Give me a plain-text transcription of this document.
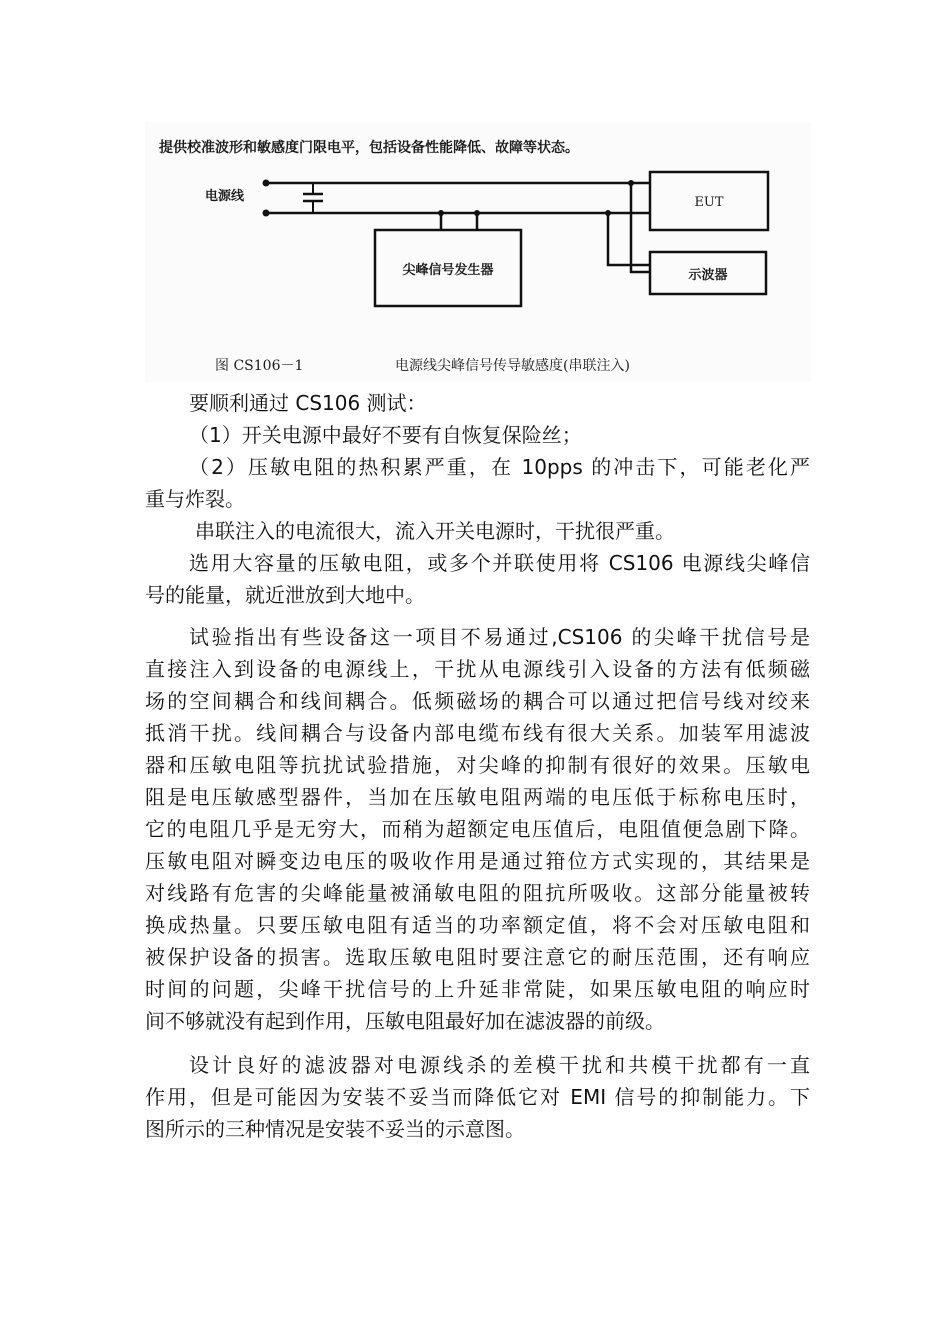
提供校准波形和敏感度门限电平，包括设备性能降低、故障等状态。
电源线	EUT
尖峰信号发生器	示波器
图 CS106－1	电源线尖峰信号传导敏感度(串联注入)
要顺利通过 CS106 测试：
（1）开关电源中最好不要有自恢复保险丝；
（2）压敏电阻的热积累严重，在 10pps 的冲击下，可能老化严
重与炸裂。
串联注入的电流很大，流入开关电源时，干扰很严重。
选用大容量的压敏电阻，或多个并联使用将 CS106 电源线尖峰信
号的能量，就近泄放到大地中。
试验指出有些设备这一项目不易通过,CS106 的尖峰干扰信号是
直接注入到设备的电源线上，干扰从电源线引入设备的方法有低频磁
场的空间耦合和线间耦合。低频磁场的耦合可以通过把信号线对绞来
抵消干扰。线间耦合与设备内部电缆布线有很大关系。加装军用滤波
器和压敏电阻等抗扰试验措施，对尖峰的抑制有很好的效果。压敏电
阻是电压敏感型器件，当加在压敏电阻两端的电压低于标称电压时，
它的电阻几乎是无穷大，而稍为超额定电压值后，电阻值便急剧下降。
压敏电阻对瞬变边电压的吸收作用是通过箝位方式实现的，其结果是
对线路有危害的尖峰能量被涌敏电阻的阻抗所吸收。这部分能量被转
换成热量。只要压敏电阻有适当的功率额定值，将不会对压敏电阻和
被保护设备的损害。选取压敏电阻时要注意它的耐压范围，还有响应
时间的问题，尖峰干扰信号的上升延非常陡，如果压敏电阻的响应时
间不够就没有起到作用，压敏电阻最好加在滤波器的前级。
设计良好的滤波器对电源线杀的差模干扰和共模干扰都有一直
作用，但是可能因为安装不妥当而降低它对 EMI 信号的抑制能力。下
图所示的三种情况是安装不妥当的示意图。
